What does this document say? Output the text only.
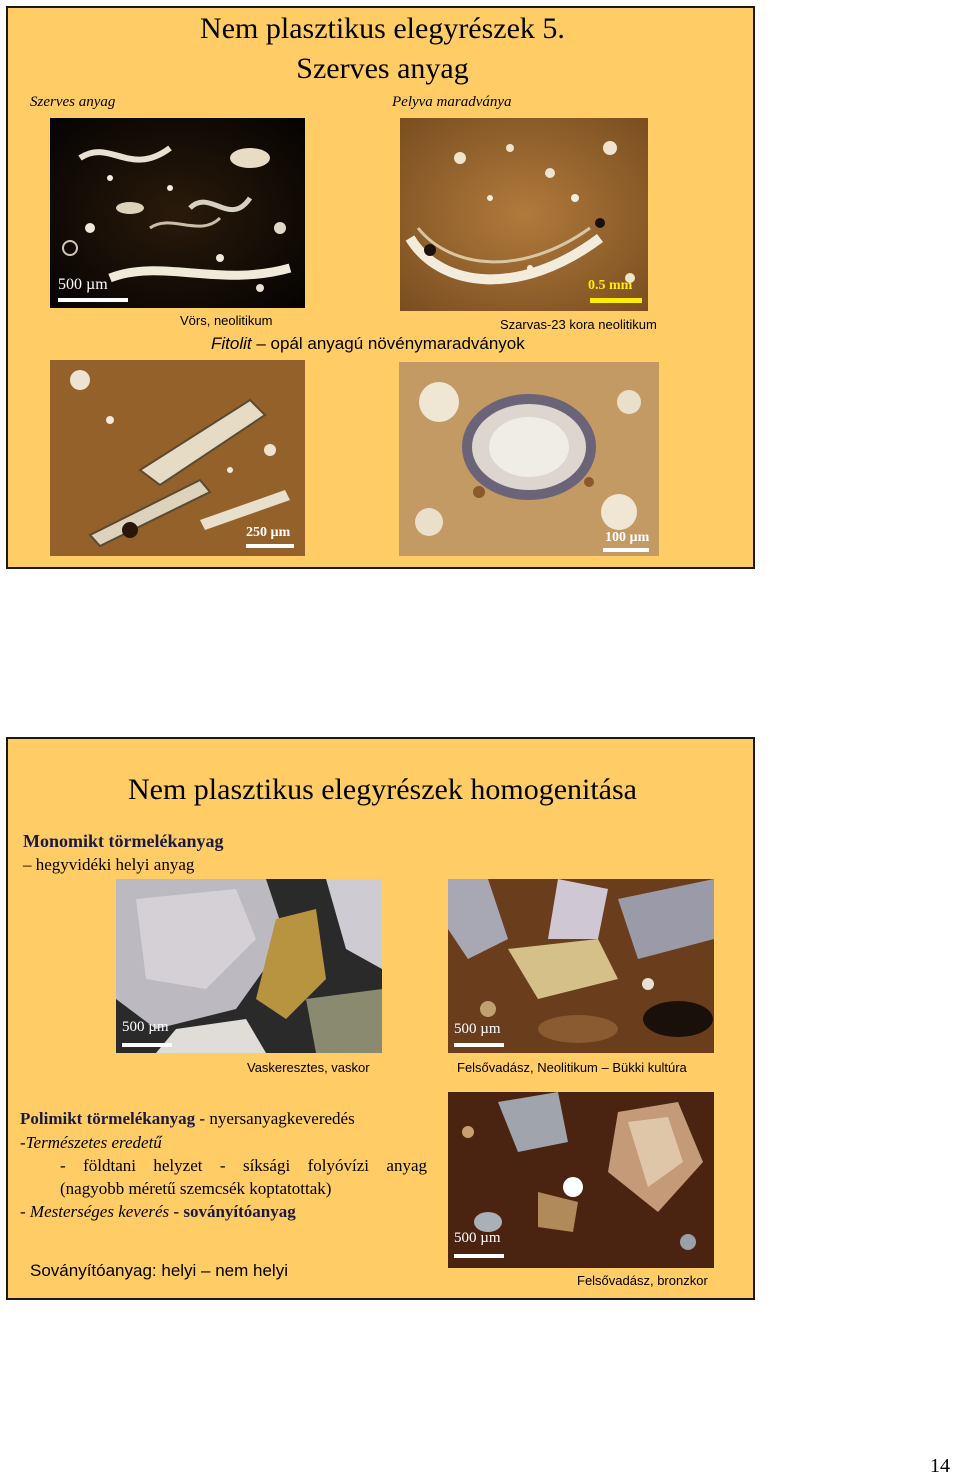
Nem plasztikus elegyrészek 5.
Szerves anyag
Szerves anyag	Pelyva maradványa
500 µm	0.5 mm
Vörs, neolitikum	Szarvas-23 kora neolitikum
Fitolit – opál anyagú növénymaradványok
250 µm	100 µm
Nem plasztikus elegyrészek homogenitása
Monomikt törmelékanyag
– hegyvidéki helyi anyag
500 µm	500 µm
Vaskeresztes, vaskor	Felsővadász, Neolitikum – Bükki kultúra
Polimikt törmelékanyag - nyersanyagkeveredés
-Természetes eredetű
- földtani helyzet - síksági folyóvízi anyag
(nagyobb méretű szemcsék koptatottak)
- Mesterséges keverés - soványítóanyag
Soványítóanyag: helyi – nem helyi
500 µm
Felsővadász, bronzkor
14
